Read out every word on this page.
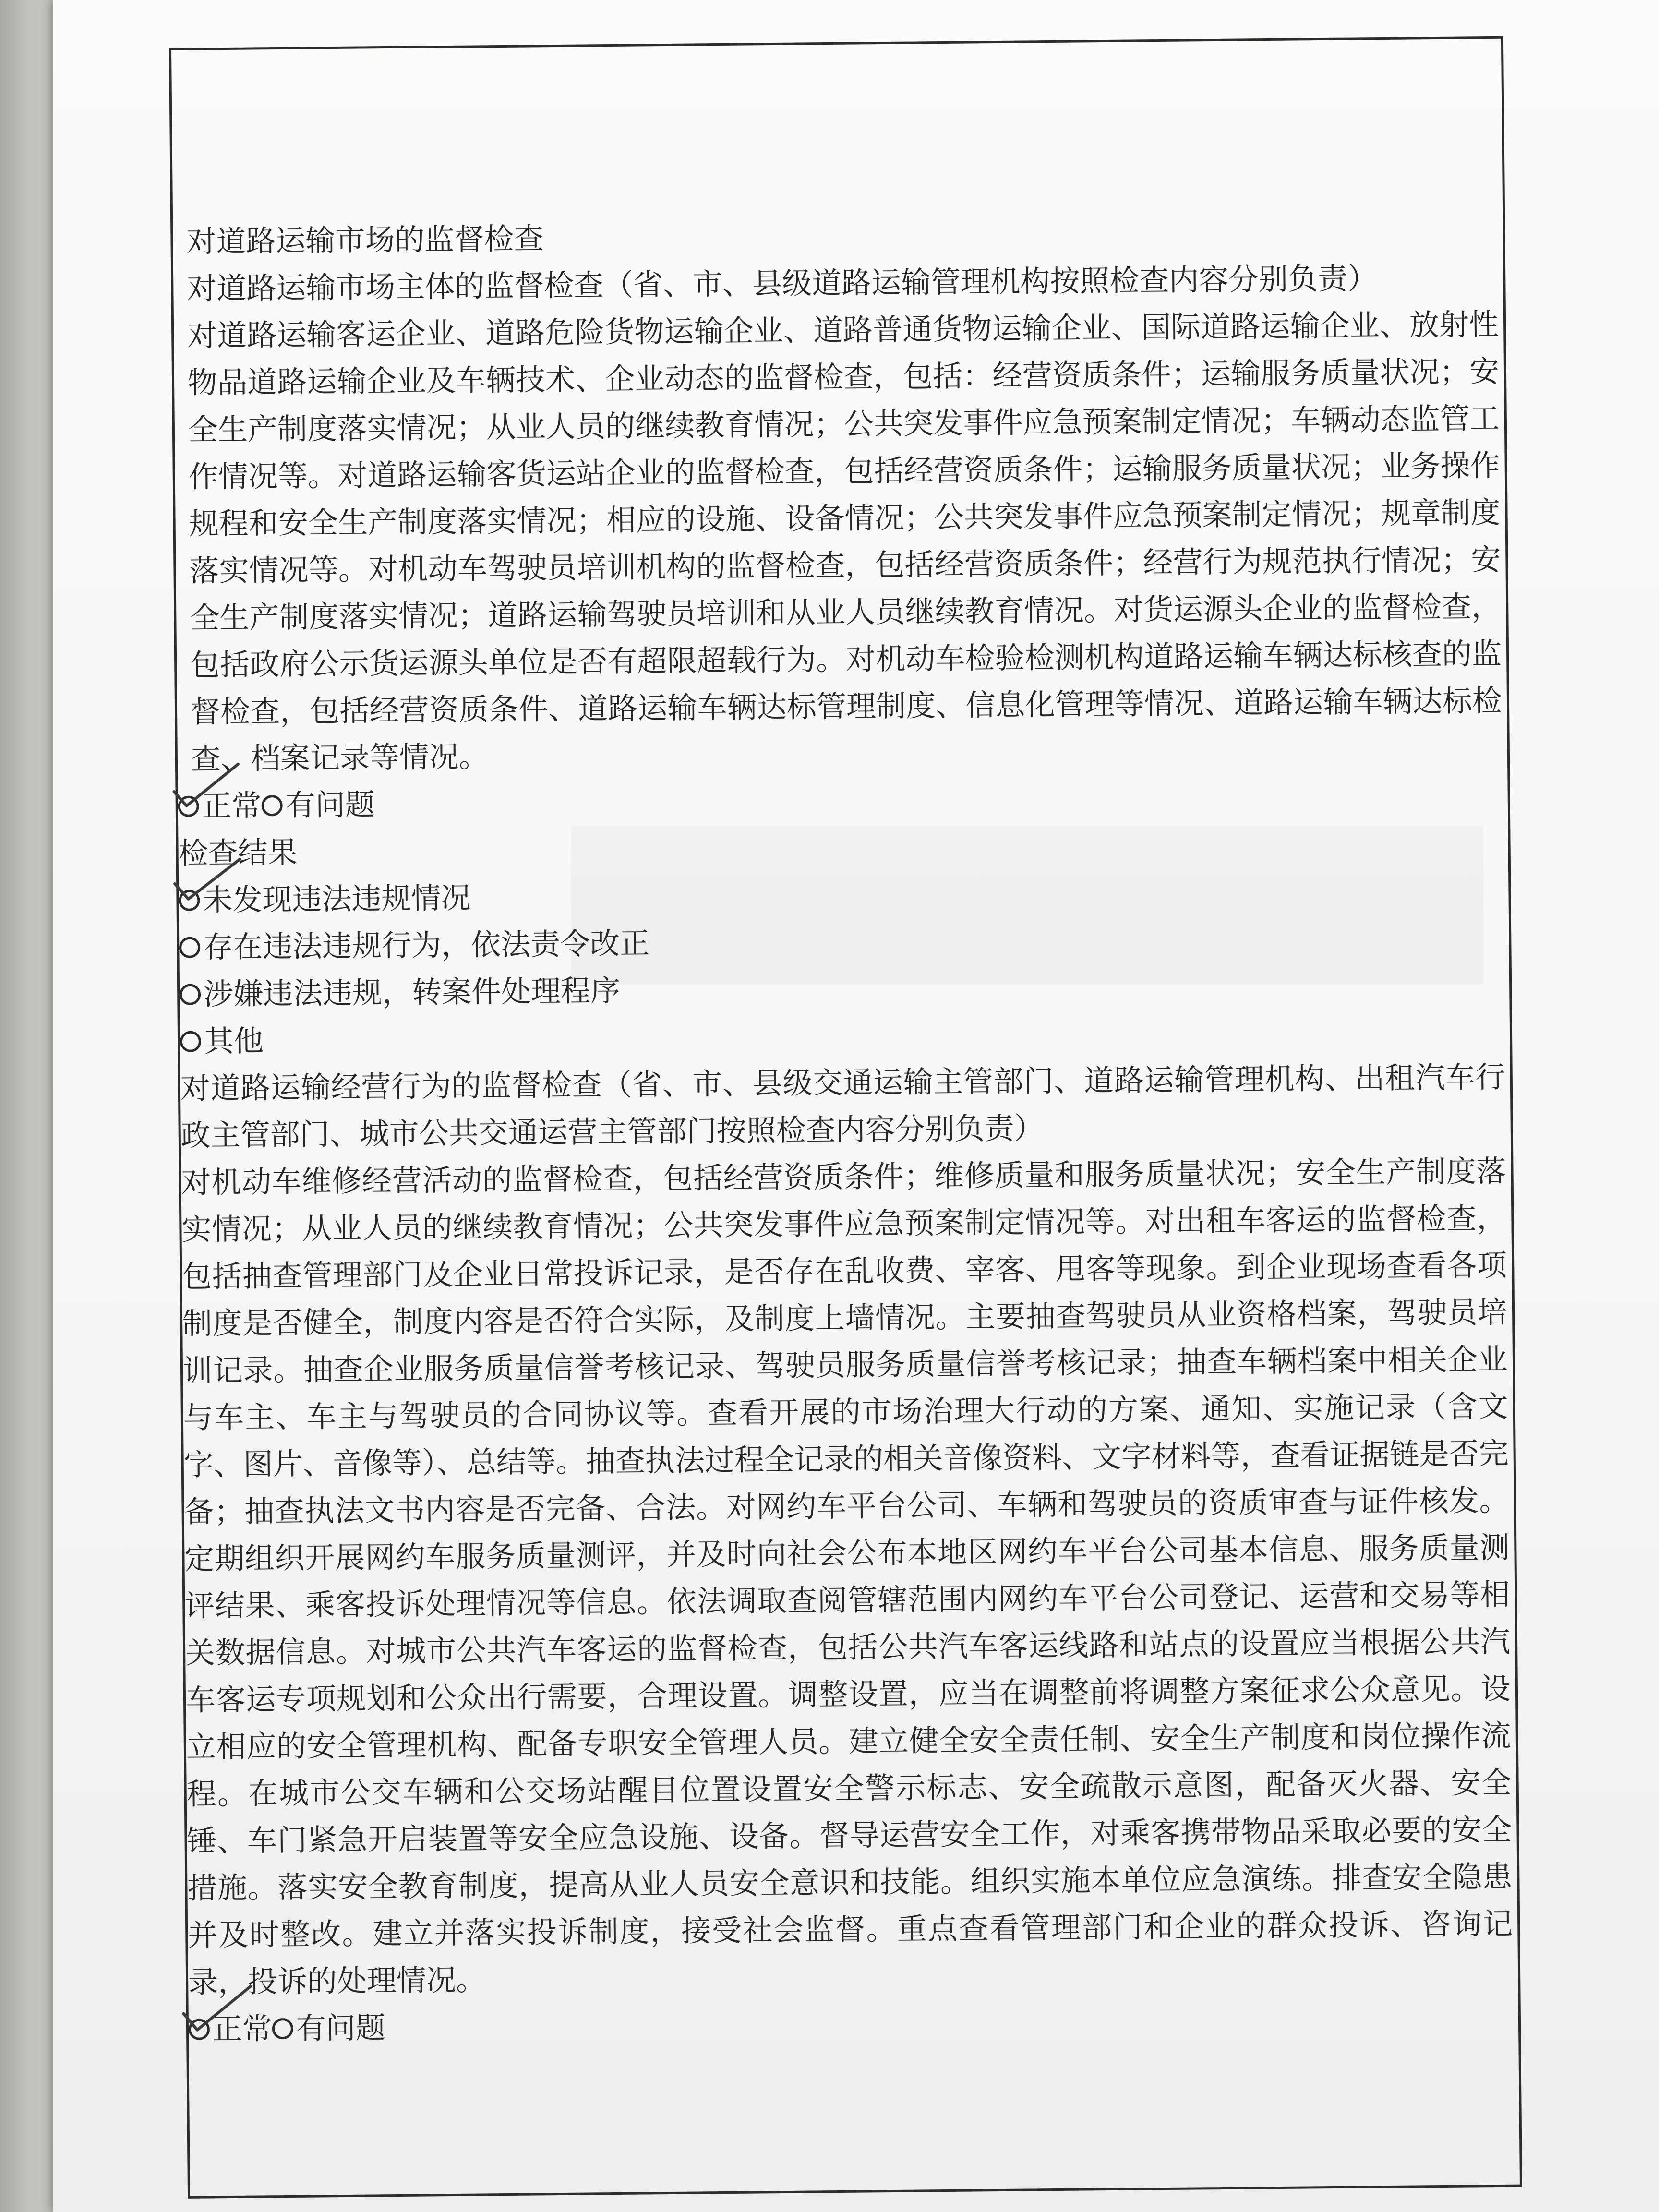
对道路运输市场的监督检查

对道路运输市场主体的监督检查（省、市、县级道路运输管理机构按照检查内容分别负责）

对道路运输客运企业、道路危险货物运输企业、道路普通货物运输企业、国际道路运输企业、放射性物品道路运输企业及车辆技术、企业动态的监督检查，包括：经营资质条件；运输服务质量状况；安全生产制度落实情况；从业人员的继续教育情况；公共突发事件应急预案制定情况；车辆动态监管工作情况等。对道路运输客货运站企业的监督检查，包括经营资质条件；运输服务质量状况；业务操作规程和安全生产制度落实情况；相应的设施、设备情况；公共突发事件应急预案制定情况；规章制度落实情况等。对机动车驾驶员培训机构的监督检查，包括经营资质条件；经营行为规范执行情况；安全生产制度落实情况；道路运输驾驶员培训和从业人员继续教育情况。对货运源头企业的监督检查，包括政府公示货运源头单位是否有超限超载行为。对机动车检验检测机构道路运输车辆达标核查的监督检查，包括经营资质条件、道路运输车辆达标管理制度、信息化管理等情况、道路运输车辆达标检查、档案记录等情况。

正常 有问题

检查结果

未发现违法违规情况
存在违法违规行为，依法责令改正
涉嫌违法违规，转案件处理程序
其他

对道路运输经营行为的监督检查（省、市、县级交通运输主管部门、道路运输管理机构、出租汽车行政主管部门、城市公共交通运营主管部门按照检查内容分别负责）

对机动车维修经营活动的监督检查，包括经营资质条件；维修质量和服务质量状况；安全生产制度落实情况；从业人员的继续教育情况；公共突发事件应急预案制定情况等。对出租车客运的监督检查，包括抽查管理部门及企业日常投诉记录，是否存在乱收费、宰客、甩客等现象。到企业现场查看各项制度是否健全，制度内容是否符合实际，及制度上墙情况。主要抽查驾驶员从业资格档案，驾驶员培训记录。抽查企业服务质量信誉考核记录、驾驶员服务质量信誉考核记录；抽查车辆档案中相关企业与车主、车主与驾驶员的合同协议等。查看开展的市场治理大行动的方案、通知、实施记录（含文字、图片、音像等）、总结等。抽查执法过程全记录的相关音像资料、文字材料等，查看证据链是否完备；抽查执法文书内容是否完备、合法。对网约车平台公司、车辆和驾驶员的资质审查与证件核发。定期组织开展网约车服务质量测评，并及时向社会公布本地区网约车平台公司基本信息、服务质量测评结果、乘客投诉处理情况等信息。依法调取查阅管辖范围内网约车平台公司登记、运营和交易等相关数据信息。对城市公共汽车客运的监督检查，包括公共汽车客运线路和站点的设置应当根据公共汽车客运专项规划和公众出行需要，合理设置。调整设置，应当在调整前将调整方案征求公众意见。设立相应的安全管理机构、配备专职安全管理人员。建立健全安全责任制、安全生产制度和岗位操作流程。在城市公交车辆和公交场站醒目位置设置安全警示标志、安全疏散示意图，配备灭火器、安全锤、车门紧急开启装置等安全应急设施、设备。督导运营安全工作，对乘客携带物品采取必要的安全措施。落实安全教育制度，提高从业人员安全意识和技能。组织实施本单位应急演练。排查安全隐患并及时整改。建立并落实投诉制度，接受社会监督。重点查看管理部门和企业的群众投诉、咨询记录，投诉的处理情况。

正常 有问题
